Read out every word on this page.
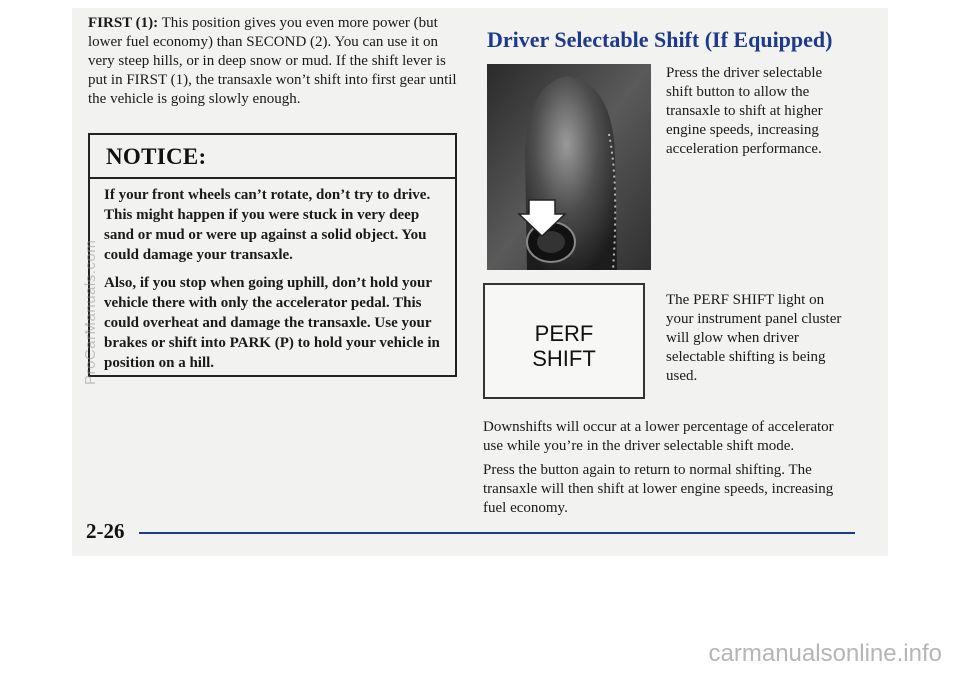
FIRST (1): This position gives you even more power (but lower fuel economy) than SECOND (2). You can use it on very steep hills, or in deep snow or mud. If the shift lever is put in FIRST (1), the transaxle won’t shift into first gear until the vehicle is going slowly enough.
NOTICE:

If your front wheels can’t rotate, don’t try to drive. This might happen if you were stuck in very deep sand or mud or were up against a solid object. You could damage your transaxle.

Also, if you stop when going uphill, don’t hold your vehicle there with only the accelerator pedal. This could overheat and damage the transaxle. Use your brakes or shift into PARK (P) to hold your vehicle in position on a hill.

Driver Selectable Shift (If Equipped)
Press the driver selectable shift button to allow the transaxle to shift at higher engine speeds, increasing acceleration performance.
PERF
SHIFT
The PERF SHIFT light on your instrument panel cluster will glow when driver selectable shifting is being used.
Downshifts will occur at a lower percentage of accelerator use while you’re in the driver selectable shift mode.
Press the button again to return to normal shifting. The transaxle will then shift at lower engine speeds, increasing fuel economy.
2-26
ProCarManuals.com
carmanualsonline.info
